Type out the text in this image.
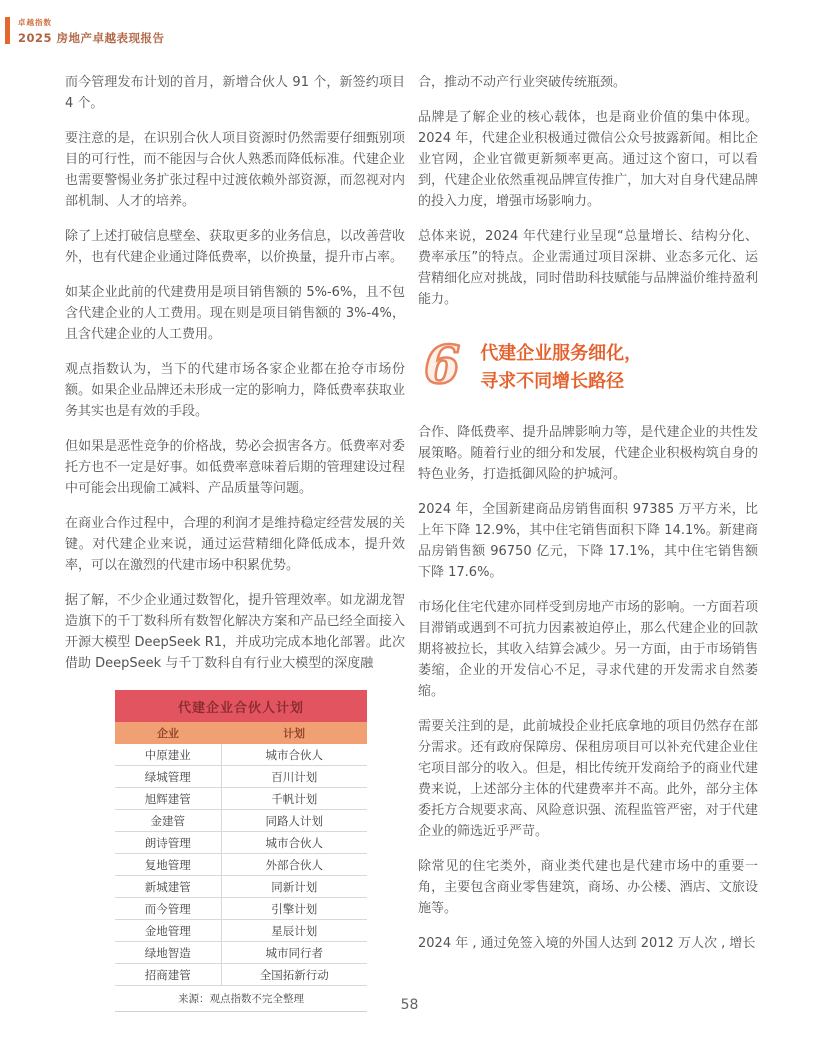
卓越指数
2025 房地产卓越表现报告

而今管理发布计划的首月，新增合伙人 91 个，新签约项目 4 个。

要注意的是，在识别合伙人项目资源时仍然需要仔细甄别项目的可行性，而不能因与合伙人熟悉而降低标准。代建企业也需要警惕业务扩张过程中过渡依赖外部资源，而忽视对内部机制、人才的培养。

除了上述打破信息壁垒、获取更多的业务信息，以改善营收外，也有代建企业通过降低费率，以价换量，提升市占率。

如某企业此前的代建费用是项目销售额的 5%-6%，且不包含代建企业的人工费用。现在则是项目销售额的 3%-4%，且含代建企业的人工费用。

观点指数认为，当下的代建市场各家企业都在抢夺市场份额。如果企业品牌还未形成一定的影响力，降低费率获取业务其实也是有效的手段。

但如果是恶性竞争的价格战，势必会损害各方。低费率对委托方也不一定是好事。如低费率意味着后期的管理建设过程中可能会出现偷工减料、产品质量等问题。

在商业合作过程中，合理的利润才是维持稳定经营发展的关键。对代建企业来说，通过运营精细化降低成本，提升效率，可以在激烈的代建市场中积累优势。

据了解，不少企业通过数智化，提升管理效率。如龙湖龙智造旗下的千丁数科所有数智化解决方案和产品已经全面接入开源大模型 DeepSeek R1，并成功完成本地化部署。此次借助 DeepSeek 与千丁数科自有行业大模型的深度融

代建企业合伙人计划
企业	计划
中原建业	城市合伙人
绿城管理	百川计划
旭辉建管	千帆计划
金建管	同路人计划
朗诗管理	城市合伙人
复地管理	外部合伙人
新城建管	同新计划
而今管理	引擎计划
金地管理	星辰计划
绿地智造	城市同行者
招商建管	全国拓新行动
来源：观点指数不完全整理	

合，推动不动产行业突破传统瓶颈。

品牌是了解企业的核心载体，也是商业价值的集中体现。2024 年，代建企业积极通过微信公众号披露新闻。相比企业官网，企业官微更新频率更高。通过这个窗口，可以看到，代建企业依然重视品牌宣传推广，加大对自身代建品牌的投入力度，增强市场影响力。

总体来说，2024 年代建行业呈现“总量增长、结构分化、费率承压”的特点。企业需通过项目深耕、业态多元化、运营精细化应对挑战，同时借助科技赋能与品牌溢价维持盈利能力。

6 代建企业服务细化，
寻求不同增长路径

合作、降低费率、提升品牌影响力等，是代建企业的共性发展策略。随着行业的细分和发展，代建企业积极构筑自身的特色业务，打造抵御风险的护城河。

2024 年，全国新建商品房销售面积 97385 万平方米，比上年下降 12.9%，其中住宅销售面积下降 14.1%。新建商品房销售额 96750 亿元，下降 17.1%，其中住宅销售额下降 17.6%。

市场化住宅代建亦同样受到房地产市场的影响。一方面若项目滞销或遇到不可抗力因素被迫停止，那么代建企业的回款期将被拉长，其收入结算会减少。另一方面，由于市场销售萎缩，企业的开发信心不足，寻求代建的开发需求自然萎缩。

需要关注到的是，此前城投企业托底拿地的项目仍然存在部分需求。还有政府保障房、保租房项目可以补充代建企业住宅项目部分的收入。但是，相比传统开发商给予的商业代建费来说，上述部分主体的代建费率并不高。此外，部分主体委托方合规要求高、风险意识强、流程监管严密，对于代建企业的筛选近乎严苛。

除常见的住宅类外，商业类代建也是代建市场中的重要一角，主要包含商业零售建筑，商场、办公楼、酒店、文旅设施等。

2024 年 , 通过免签入境的外国人达到 2012 万人次 , 增长

58
